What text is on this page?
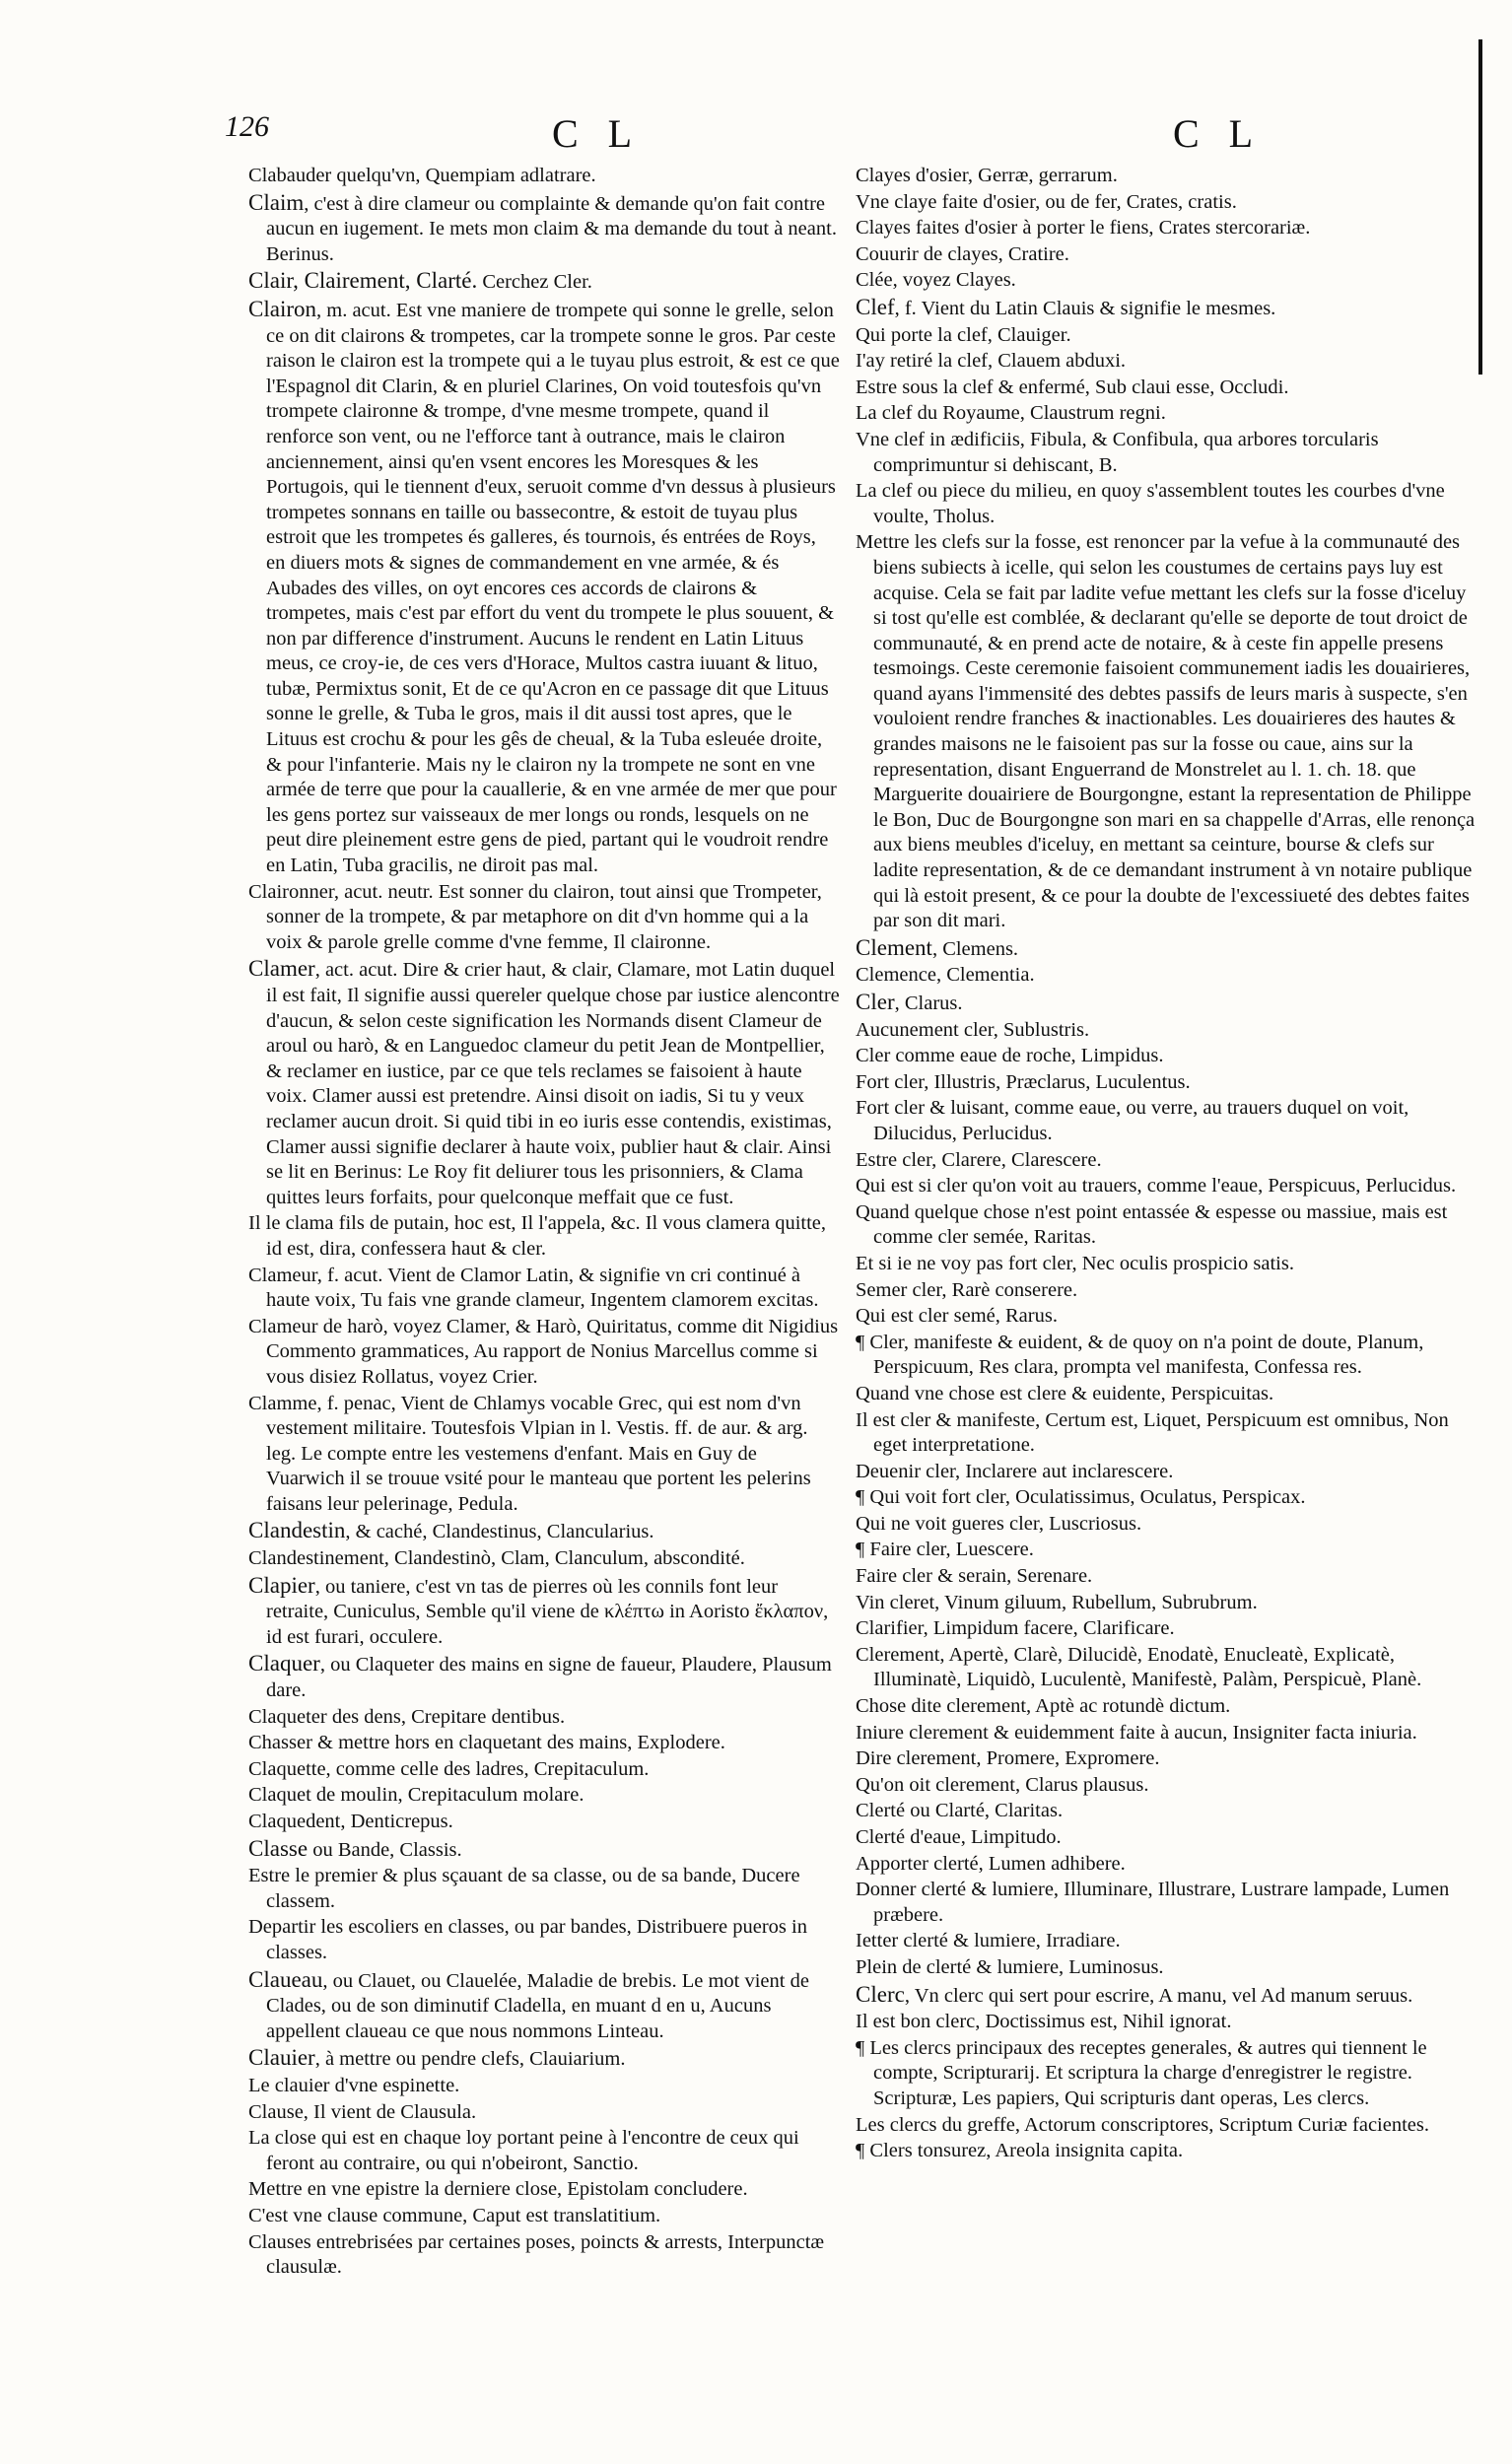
126	C L	C L
Clabauder quelqu'vn, Quempiam adlatrare.
Claim, c'est à dire clameur ou complainte & demande qu'on fait contre aucun en iugement. Ie mets mon claim & ma demande du tout à neant. Berinus.
Clair, Clairement, Clarté. Cerchez Cler.
Clairon, m. acut. Est vne maniere de trompete qui sonne le grelle, selon ce on dit clairons & trompetes, car la trompete sonne le gros. Par ceste raison le clairon est la trompete qui a le tuyau plus estroit, & est ce que l'Espagnol dit Clarin, & en pluriel Clarines, On void toutesfois qu'vn trompete claironne & trompe, d'vne mesme trompete, quand il renforce son vent, ou ne l'efforce tant à outrance, mais le clairon anciennement, ainsi qu'en vsent encores les Moresques & les Portugois, qui le tiennent d'eux, seruoit comme d'vn dessus à plusieurs trompetes sonnans en taille ou bassecontre, & estoit de tuyau plus estroit que les trompetes és galleres, és tournois, és entrées de Roys, en diuers mots & signes de commandement en vne armée, & és Aubades des villes, on oyt encores ces accords de clairons & trompetes, mais c'est par effort du vent du trompete le plus souuent, & non par difference d'instrument. Aucuns le rendent en Latin Lituus meus, ce croy-ie, de ces vers d'Horace, Multos castra iuuant & lituo, tubæ, Permixtus sonit, Et de ce qu'Acron en ce passage dit que Lituus sonne le grelle, & Tuba le gros, mais il dit aussi tost apres, que le Lituus est crochu & pour les gês de cheual, & la Tuba esleuée droite, & pour l'infanterie. Mais ny le clairon ny la trompete ne sont en vne armée de terre que pour la cauallerie, & en vne armée de mer que pour les gens portez sur vaisseaux de mer longs ou ronds, lesquels on ne peut dire pleinement estre gens de pied, partant qui le voudroit rendre en Latin, Tuba gracilis, ne diroit pas mal.
Claironner, acut. neutr. Est sonner du clairon, tout ainsi que Trompeter, sonner de la trompete, & par metaphore on dit d'vn homme qui a la voix & parole grelle comme d'vne femme, Il claironne.
Clamer, act. acut. Dire & crier haut, & clair, Clamare, mot Latin duquel il est fait, Il signifie aussi quereler quelque chose par iustice alencontre d'aucun, & selon ceste signification les Normands disent Clameur de aroul ou harò, & en Languedoc clameur du petit Jean de Montpellier, & reclamer en iustice, par ce que tels reclames se faisoient à haute voix. Clamer aussi est pretendre. Ainsi disoit on iadis, Si tu y veux reclamer aucun droit. Si quid tibi in eo iuris esse contendis, existimas, Clamer aussi signifie declarer à haute voix, publier haut & clair. Ainsi se lit en Berinus: Le Roy fit deliurer tous les prisonniers, & Clama quittes leurs forfaits, pour quelconque meffait que ce fust.
Il le clama fils de putain, hoc est, Il l'appela, &c. Il vous clamera quitte, id est, dira, confessera haut & cler.
Clameur, f. acut. Vient de Clamor Latin, & signifie vn cri continué à haute voix, Tu fais vne grande clameur, Ingentem clamorem excitas.
Clameur de harò, voyez Clamer, & Harò, Quiritatus, comme dit Nigidius Commento grammatices, Au rapport de Nonius Marcellus comme si vous disiez Rollatus, voyez Crier.
Clamme, f. penac, Vient de Chlamys vocable Grec, qui est nom d'vn vestement militaire. Toutesfois Vlpian in l. Vestis. ff. de aur. & arg. leg. Le compte entre les vestemens d'enfant. Mais en Guy de Vuarwich il se trouue vsité pour le manteau que portent les pelerins faisans leur pelerinage, Pedula.
Clandestin, & caché, Clandestinus, Clancularius.
Clandestinement, Clandestinò, Clam, Clanculum, abscondité.
Clapier, ou taniere, c'est vn tas de pierres où les connils font leur retraite, Cuniculus, Semble qu'il viene de κλέπτω in Aoristo ἔκλαπον, id est furari, occulere.
Claquer, ou Claqueter des mains en signe de faueur, Plaudere, Plausum dare.
Claqueter des dens, Crepitare dentibus.
Chasser & mettre hors en claquetant des mains, Explodere.
Claquette, comme celle des ladres, Crepitaculum.
Claquet de moulin, Crepitaculum molare.
Claquedent, Denticrepus.
Classe ou Bande, Classis.
Estre le premier & plus sçauant de sa classe, ou de sa bande, Ducere classem.
Departir les escoliers en classes, ou par bandes, Distribuere pueros in classes.
Claueau, ou Clauet, ou Clauelée, Maladie de brebis. Le mot vient de Clades, ou de son diminutif Cladella, en muant d en u, Aucuns appellent claueau ce que nous nommons Linteau.
Clauier, à mettre ou pendre clefs, Clauiarium.
Le clauier d'vne espinette.
Clause, Il vient de Clausula.
La close qui est en chaque loy portant peine à l'encontre de ceux qui feront au contraire, ou qui n'obeiront, Sanctio.
Mettre en vne epistre la derniere close, Epistolam concludere.
C'est vne clause commune, Caput est translatitium.
Clauses entrebrisées par certaines poses, poincts & arrests, Interpunctæ clausulæ.
Clayes d'osier, Gerræ, gerrarum.
Vne claye faite d'osier, ou de fer, Crates, cratis.
Clayes faites d'osier à porter le fiens, Crates stercorariæ.
Couurir de clayes, Cratire.
Clée, voyez Clayes.
Clef, f. Vient du Latin Clauis & signifie le mesmes.
Qui porte la clef, Clauiger.
I'ay retiré la clef, Clauem abduxi.
Estre sous la clef & enfermé, Sub claui esse, Occludi.
La clef du Royaume, Claustrum regni.
Vne clef in ædificiis, Fibula, & Confibula, qua arbores torcularis comprimuntur si dehiscant, B.
La clef ou piece du milieu, en quoy s'assemblent toutes les courbes d'vne voulte, Tholus.
Mettre les clefs sur la fosse, est renoncer par la vefue à la communauté des biens subiects à icelle, qui selon les coustumes de certains pays luy est acquise. Cela se fait par ladite vefue mettant les clefs sur la fosse d'iceluy si tost qu'elle est comblée, & declarant qu'elle se deporte de tout droict de communauté, & en prend acte de notaire, & à ceste fin appelle presens tesmoings. Ceste ceremonie faisoient communement iadis les douairieres, quand ayans l'immensité des debtes passifs de leurs maris à suspecte, s'en vouloient rendre franches & inactionables. Les douairieres des hautes & grandes maisons ne le faisoient pas sur la fosse ou caue, ains sur la representation, disant Enguerrand de Monstrelet au l. 1. ch. 18. que Marguerite douairiere de Bourgongne, estant la representation de Philippe le Bon, Duc de Bourgongne son mari en sa chappelle d'Arras, elle renonça aux biens meubles d'iceluy, en mettant sa ceinture, bourse & clefs sur ladite representation, & de ce demandant instrument à vn notaire publique qui là estoit present, & ce pour la doubte de l'excessiueté des debtes faites par son dit mari.
Clement, Clemens.
Clemence, Clementia.
Cler, Clarus.
Aucunement cler, Sublustris.
Cler comme eaue de roche, Limpidus.
Fort cler, Illustris, Præclarus, Luculentus.
Fort cler & luisant, comme eaue, ou verre, au trauers duquel on voit, Dilucidus, Perlucidus.
Estre cler, Clarere, Clarescere.
Qui est si cler qu'on voit au trauers, comme l'eaue, Perspicuus, Perlucidus.
Quand quelque chose n'est point entassée & espesse ou massiue, mais est comme cler semée, Raritas.
Et si ie ne voy pas fort cler, Nec oculis prospicio satis.
Semer cler, Rarè conserere.
Qui est cler semé, Rarus.
¶ Cler, manifeste & euident, & de quoy on n'a point de doute, Planum, Perspicuum, Res clara, prompta vel manifesta, Confessa res.
Quand vne chose est clere & euidente, Perspicuitas.
Il est cler & manifeste, Certum est, Liquet, Perspicuum est omnibus, Non eget interpretatione.
Deuenir cler, Inclarere aut inclarescere.
¶ Qui voit fort cler, Oculatissimus, Oculatus, Perspicax.
Qui ne voit gueres cler, Luscriosus.
¶ Faire cler, Luescere.
Faire cler & serain, Serenare.
Vin cleret, Vinum giluum, Rubellum, Subrubrum.
Clarifier, Limpidum facere, Clarificare.
Clerement, Apertè, Clarè, Dilucidè, Enodatè, Enucleatè, Explicatè, Illuminatè, Liquidò, Luculentè, Manifestè, Palàm, Perspicuè, Planè.
Chose dite clerement, Aptè ac rotundè dictum.
Iniure clerement & euidemment faite à aucun, Insigniter facta iniuria.
Dire clerement, Promere, Expromere.
Qu'on oit clerement, Clarus plausus.
Clerté ou Clarté, Claritas.
Clerté d'eaue, Limpitudo.
Apporter clerté, Lumen adhibere.
Donner clerté & lumiere, Illuminare, Illustrare, Lustrare lampade, Lumen præbere.
Ietter clerté & lumiere, Irradiare.
Plein de clerté & lumiere, Luminosus.
Clerc, Vn clerc qui sert pour escrire, A manu, vel Ad manum seruus.
Il est bon clerc, Doctissimus est, Nihil ignorat.
¶ Les clercs principaux des receptes generales, & autres qui tiennent le compte, Scripturarij. Et scriptura la charge d'enregistrer le registre. Scripturæ, Les papiers, Qui scripturis dant operas, Les clercs.
Les clercs du greffe, Actorum conscriptores, Scriptum Curiæ facientes.
¶ Clers tonsurez, Areola insignita capita.
